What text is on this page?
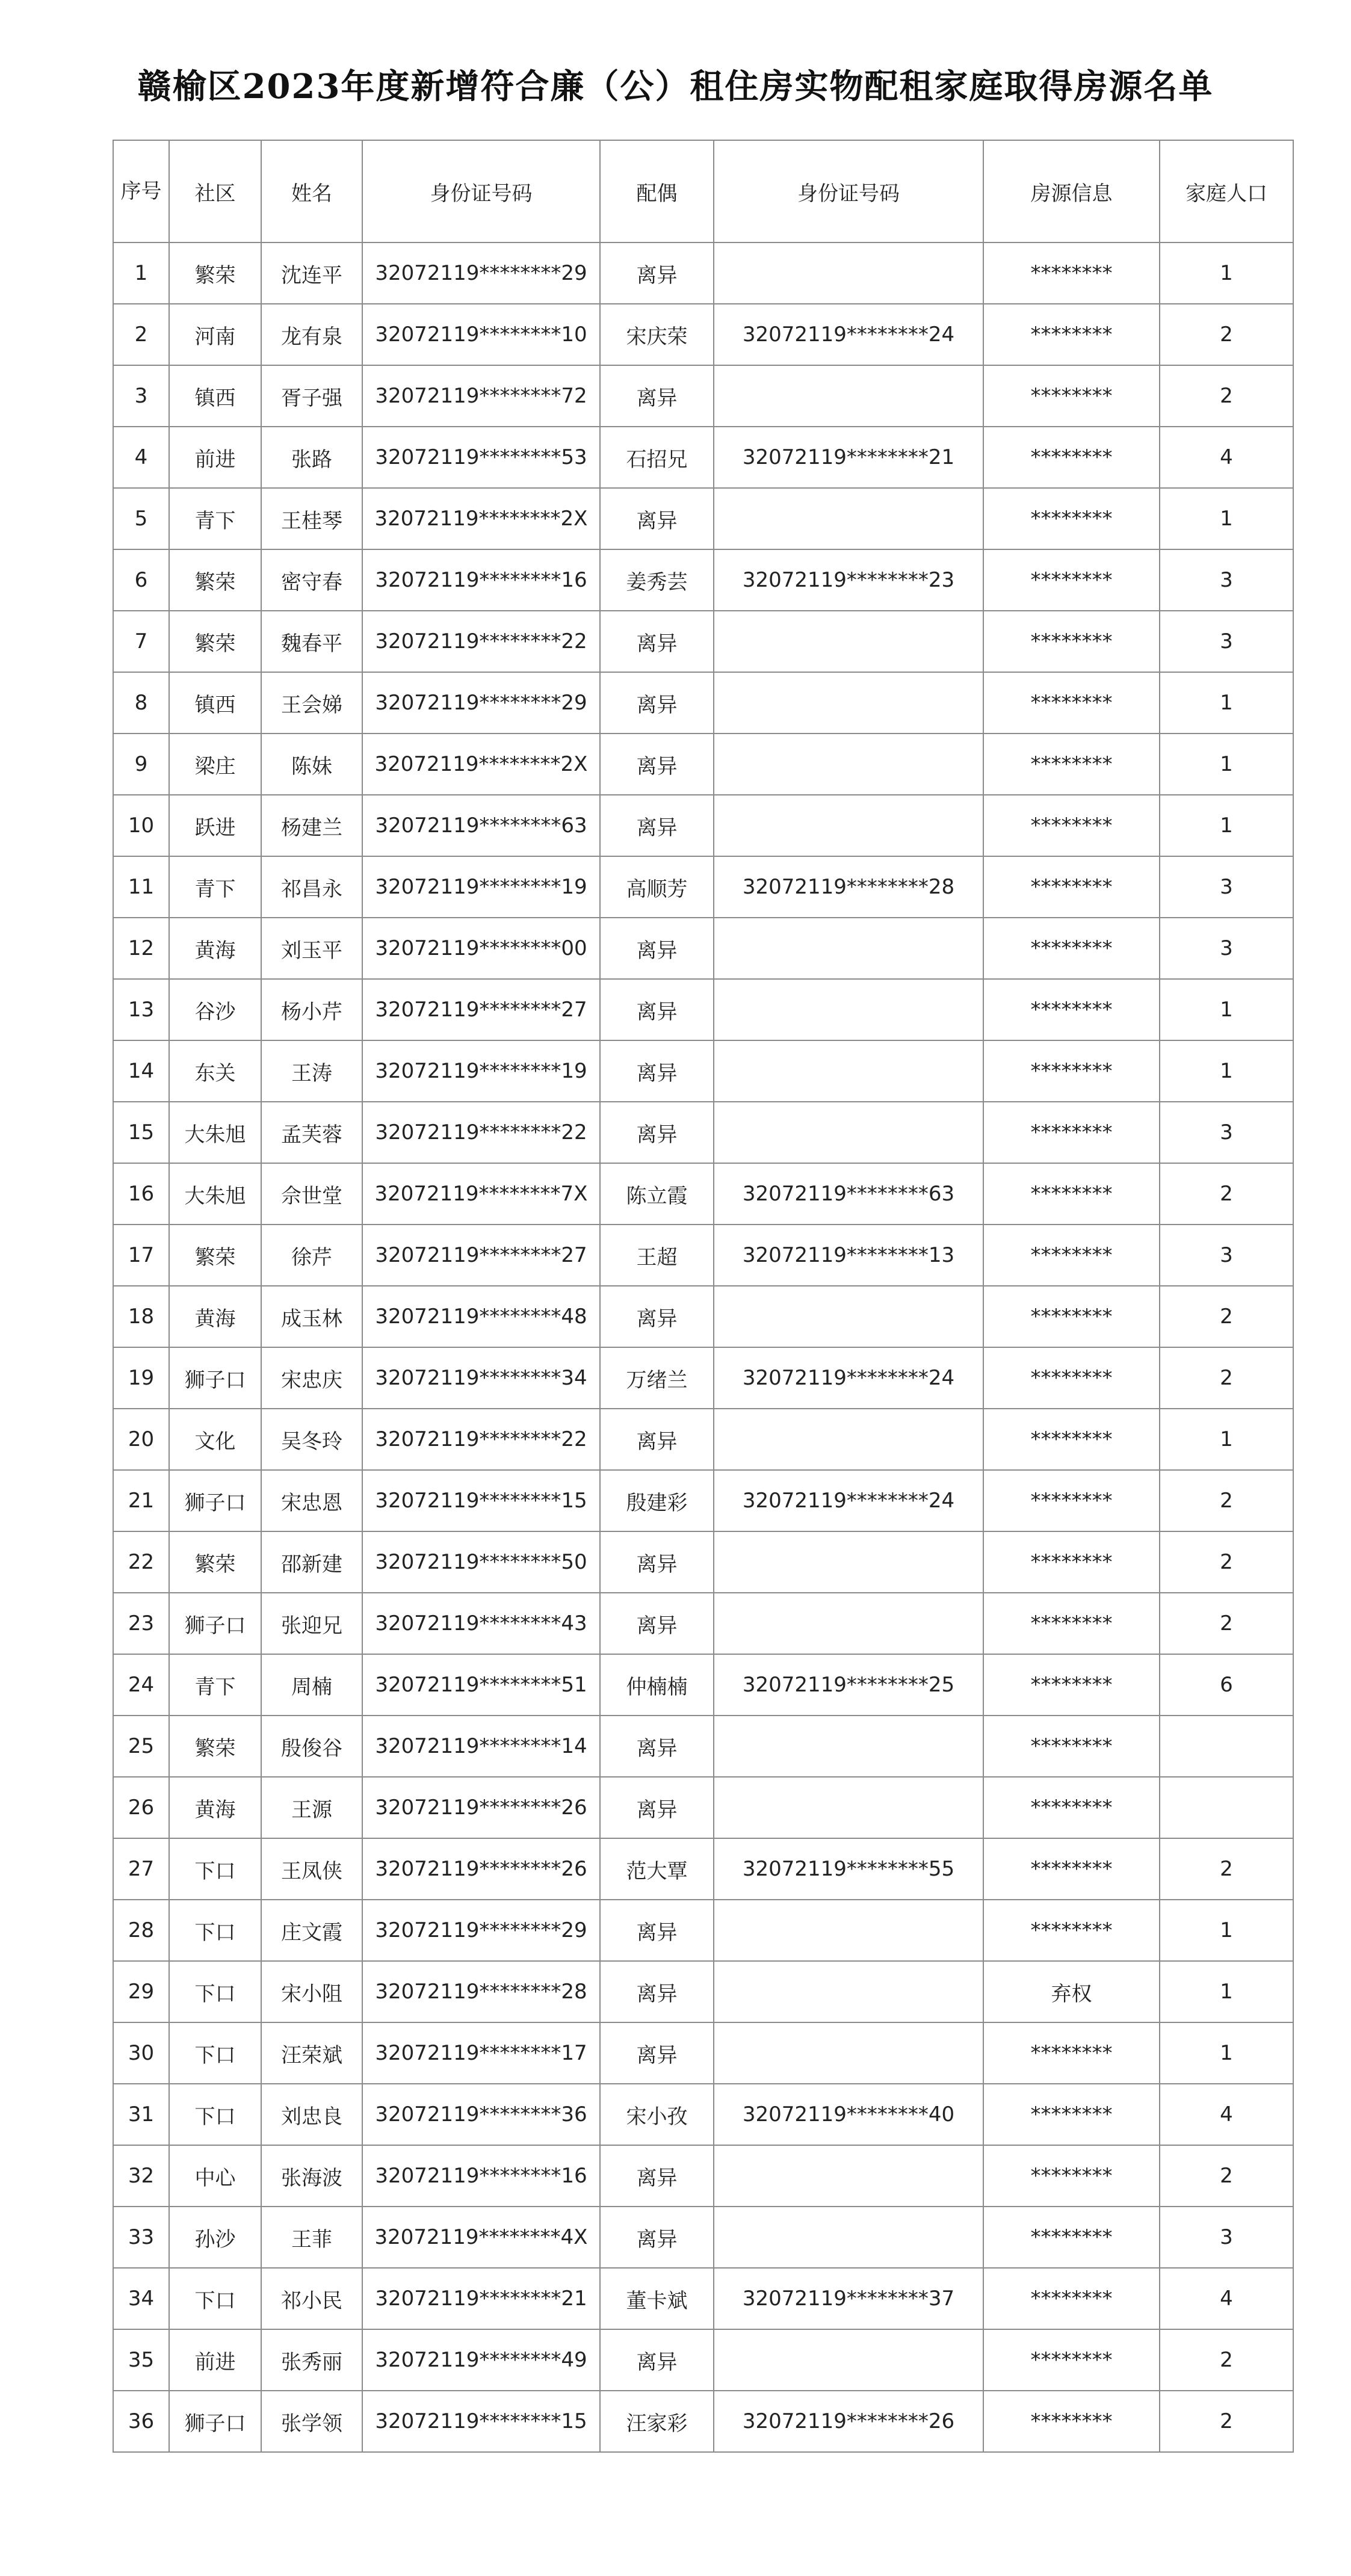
赣榆区2023年度新增符合廉（公）租住房实物配租家庭取得房源名单
序号	社区	姓名	身份证号码	配偶	身份证号码	房源信息	家庭人口
1	繁荣	沈连平	32072119********29	离异		********	1
2	河南	龙有泉	32072119********10	宋庆荣	32072119********24	********	2
3	镇西	胥子强	32072119********72	离异		********	2
4	前进	张路	32072119********53	石招兄	32072119********21	********	4
5	青下	王桂琴	32072119********2X	离异		********	1
6	繁荣	密守春	32072119********16	姜秀芸	32072119********23	********	3
7	繁荣	魏春平	32072119********22	离异		********	3
8	镇西	王会娣	32072119********29	离异		********	1
9	梁庄	陈妹	32072119********2X	离异		********	1
10	跃进	杨建兰	32072119********63	离异		********	1
11	青下	祁昌永	32072119********19	高顺芳	32072119********28	********	3
12	黄海	刘玉平	32072119********00	离异		********	3
13	谷沙	杨小芹	32072119********27	离异		********	1
14	东关	王涛	32072119********19	离异		********	1
15	大朱旭	孟芙蓉	32072119********22	离异		********	3
16	大朱旭	佘世堂	32072119********7X	陈立霞	32072119********63	********	2
17	繁荣	徐芹	32072119********27	王超	32072119********13	********	3
18	黄海	成玉林	32072119********48	离异		********	2
19	狮子口	宋忠庆	32072119********34	万绪兰	32072119********24	********	2
20	文化	吴冬玲	32072119********22	离异		********	1
21	狮子口	宋忠恩	32072119********15	殷建彩	32072119********24	********	2
22	繁荣	邵新建	32072119********50	离异		********	2
23	狮子口	张迎兄	32072119********43	离异		********	2
24	青下	周楠	32072119********51	仲楠楠	32072119********25	********	6
25	繁荣	殷俊谷	32072119********14	离异		********	
26	黄海	王源	32072119********26	离异		********	
27	下口	王凤侠	32072119********26	范大覃	32072119********55	********	2
28	下口	庄文霞	32072119********29	离异		********	1
29	下口	宋小阻	32072119********28	离异		弃权	1
30	下口	汪荣斌	32072119********17	离异		********	1
31	下口	刘忠良	32072119********36	宋小孜	32072119********40	********	4
32	中心	张海波	32072119********16	离异		********	2
33	孙沙	王菲	32072119********4X	离异		********	3
34	下口	祁小民	32072119********21	董卡斌	32072119********37	********	4
35	前进	张秀丽	32072119********49	离异		********	2
36	狮子口	张学领	32072119********15	汪家彩	32072119********26	********	2
